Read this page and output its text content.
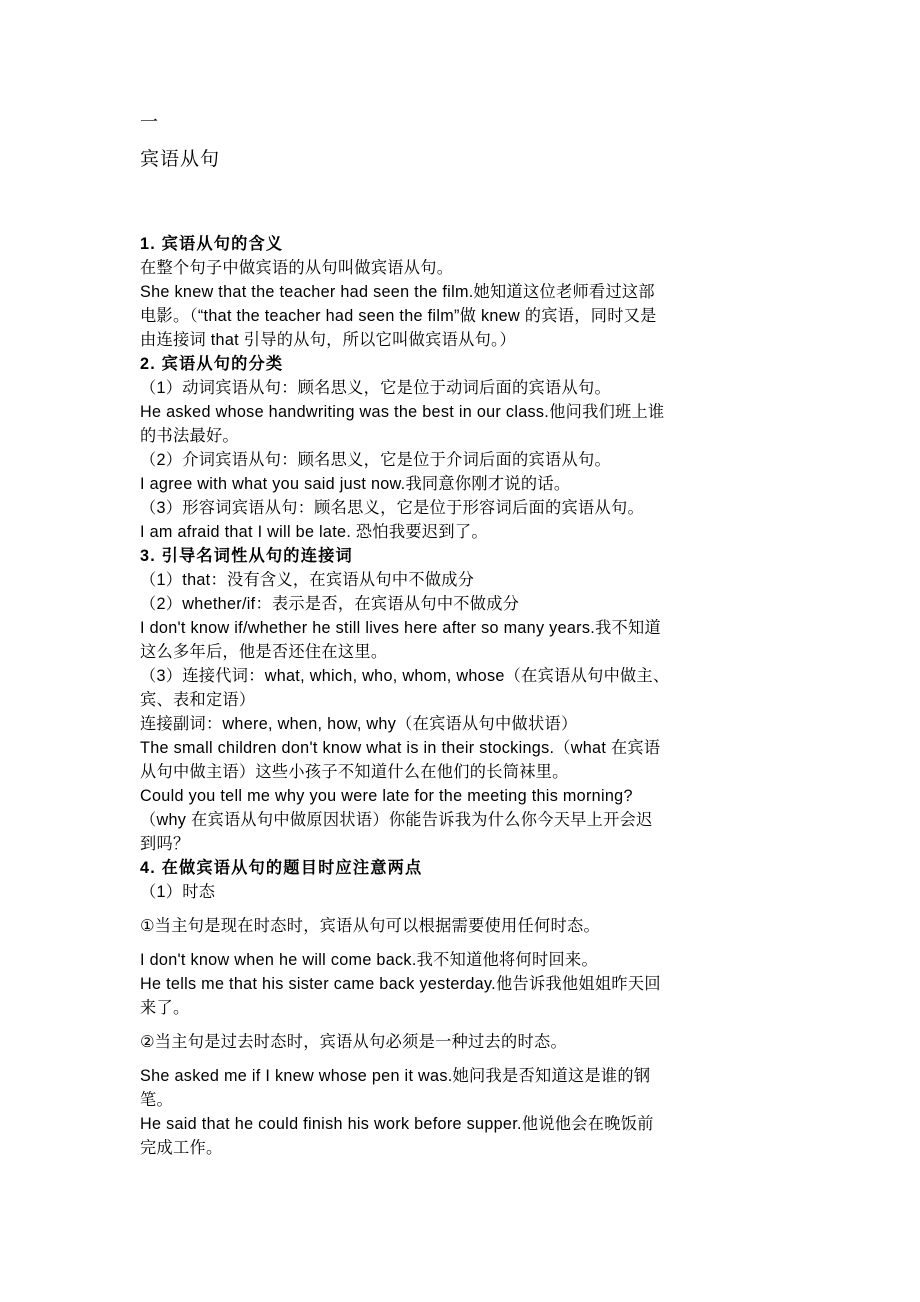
一
宾语从句
1. 宾语从句的含义
在整个句子中做宾语的从句叫做宾语从句。
She knew that the teacher had seen the film.她知道这位老师看过这部
电影。（“that the teacher had seen the film”做 knew 的宾语，同时又是
由连接词 that 引导的从句，所以它叫做宾语从句。）
2. 宾语从句的分类
（1）动词宾语从句：顾名思义，它是位于动词后面的宾语从句。
He asked whose handwriting was the best in our class.他问我们班上谁
的书法最好。
（2）介词宾语从句：顾名思义，它是位于介词后面的宾语从句。
I agree with what you said just now.我同意你刚才说的话。
（3）形容词宾语从句：顾名思义，它是位于形容词后面的宾语从句。
I am afraid that I will be late. 恐怕我要迟到了。
3. 引导名词性从句的连接词
（1）that：没有含义，在宾语从句中不做成分
（2）whether/if：表示是否，在宾语从句中不做成分
I don't know if/whether he still lives here after so many years.我不知道
这么多年后，他是否还住在这里。
（3）连接代词：what, which, who, whom, whose（在宾语从句中做主、
宾、表和定语）
连接副词：where, when, how, why（在宾语从句中做状语）
The small children don't know what is in their stockings.（what 在宾语
从句中做主语）这些小孩子不知道什么在他们的长筒袜里。
Could you tell me why you were late for the meeting this morning?
（why 在宾语从句中做原因状语）你能告诉我为什么你今天早上开会迟
到吗？
4. 在做宾语从句的题目时应注意两点
（1）时态
①当主句是现在时态时，宾语从句可以根据需要使用任何时态。
I don't know when he will come back.我不知道他将何时回来。
He tells me that his sister came back yesterday.他告诉我他姐姐昨天回
来了。
②当主句是过去时态时，宾语从句必须是一种过去的时态。
She asked me if I knew whose pen it was.她问我是否知道这是谁的钢
笔。
He said that he could finish his work before supper.他说他会在晚饭前
完成工作。
